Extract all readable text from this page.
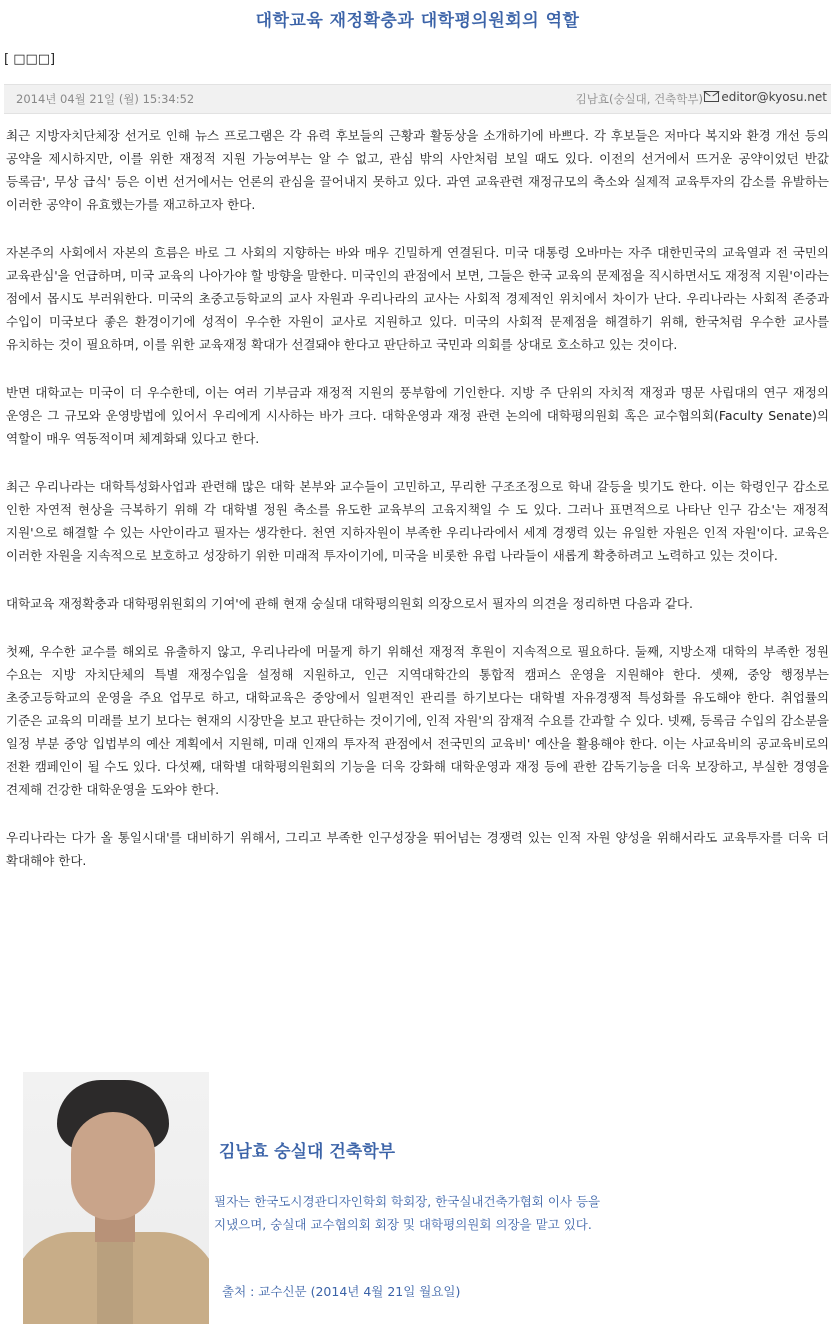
대학교육 재정확충과 대학평의원회의 역할
[ □□□]
2014년 04월 21일 (월) 15:34:52	김남효(숭실대, 건축학부)	editor@kyosu.net

최근 지방자치단체장 선거로 인해 뉴스 프로그램은 각 유력 후보들의 근황과 활동상을 소개하기에 바쁘다. 각 후보들은 저마다 복지와 환경 개선 등의 공약을 제시하지만, 이를 위한 재정적 지원 가능여부는 알 수 없고, 관심 밖의 사안처럼 보일 때도 있다. 이전의 선거에서 뜨거운 공약이었던 반값 등록금', 무상 급식' 등은 이번 선거에서는 언론의 관심을 끌어내지 못하고 있다. 과연 교육관련 재정규모의 축소와 실제적 교육투자의 감소를 유발하는 이러한 공약이 유효했는가를 재고하고자 한다.

자본주의 사회에서 자본의 흐름은 바로 그 사회의 지향하는 바와 매우 긴밀하게 연결된다. 미국 대통령 오바마는 자주 대한민국의 교육열과 전 국민의 교육관심'을 언급하며, 미국 교육의 나아가야 할 방향을 말한다. 미국인의 관점에서 보면, 그들은 한국 교육의 문제점을 직시하면서도 재정적 지원'이라는 점에서 몹시도 부러워한다. 미국의 초중고등학교의 교사 자원과 우리나라의 교사는 사회적 경제적인 위치에서 차이가 난다. 우리나라는 사회적 존중과 수입이 미국보다 좋은 환경이기에 성적이 우수한 자원이 교사로 지원하고 있다. 미국의 사회적 문제점을 해결하기 위해, 한국처럼 우수한 교사를 유치하는 것이 필요하며, 이를 위한 교육재정 확대가 선결돼야 한다고 판단하고 국민과 의회를 상대로 호소하고 있는 것이다.

반면 대학교는 미국이 더 우수한데, 이는 여러 기부금과 재정적 지원의 풍부함에 기인한다. 지방 주 단위의 자치적 재정과 명문 사립대의 연구 재정의 운영은 그 규모와 운영방법에 있어서 우리에게 시사하는 바가 크다. 대학운영과 재정 관련 논의에 대학평의원회 혹은 교수협의회(Faculty Senate)의 역할이 매우 역동적이며 체계화돼 있다고 한다.

최근 우리나라는 대학특성화사업과 관련해 많은 대학 본부와 교수들이 고민하고, 무리한 구조조정으로 학내 갈등을 빚기도 한다. 이는 학령인구 감소로 인한 자연적 현상을 극복하기 위해 각 대학별 정원 축소를 유도한 교육부의 고육지책일 수 도 있다. 그러나 표면적으로 나타난 인구 감소'는 재정적 지원'으로 해결할 수 있는 사안이라고 필자는 생각한다. 천연 지하자원이 부족한 우리나라에서 세계 경쟁력 있는 유일한 자원은 인적 자원'이다. 교육은 이러한 자원을 지속적으로 보호하고 성장하기 위한 미래적 투자이기에, 미국을 비롯한 유럽 나라들이 새롭게 확충하려고 노력하고 있는 것이다.

대학교육 재정확충과 대학평위원회의 기여'에 관해 현재 숭실대 대학평의원회 의장으로서 필자의 의견을 정리하면 다음과 같다.

첫째, 우수한 교수를 해외로 유출하지 않고, 우리나라에 머물게 하기 위해선 재정적 후원이 지속적으로 필요하다. 둘째, 지방소재 대학의 부족한 정원 수요는 지방 자치단체의 특별 재정수입을 설정해 지원하고, 인근 지역대학간의 통합적 캠퍼스 운영을 지원해야 한다. 셋째, 중앙 행정부는 초중고등학교의 운영을 주요 업무로 하고, 대학교육은 중앙에서 일편적인 관리를 하기보다는 대학별 자유경쟁적 특성화를 유도해야 한다. 취업률의 기준은 교육의 미래를 보기 보다는 현재의 시장만을 보고 판단하는 것이기에, 인적 자원'의 잠재적 수요를 간과할 수 있다. 넷째, 등록금 수입의 감소분을 일정 부분 중앙 입법부의 예산 계획에서 지원해, 미래 인재의 투자적 관점에서 전국민의 교육비' 예산을 활용해야 한다. 이는 사교육비의 공교육비로의 전환 캠페인이 될 수도 있다. 다섯째, 대학별 대학평의원회의 기능을 더욱 강화해 대학운영과 재정 등에 관한 감독기능을 더욱 보장하고, 부실한 경영을 견제해 건강한 대학운영을 도와야 한다.

우리나라는 다가 올 통일시대'를 대비하기 위해서, 그리고 부족한 인구성장을 뛰어넘는 경쟁력 있는 인적 자원 양성을 위해서라도 교육투자를 더욱 더 확대해야 한다.

김남효 숭실대 건축학부
필자는 한국도시경관디자인학회 학회장, 한국실내건축가협회 이사 등을
지냈으며, 숭실대 교수협의회 회장 및 대학평의원회 의장을 맡고 있다.
출처 : 교수신문 (2014년 4월 21일 월요일)
